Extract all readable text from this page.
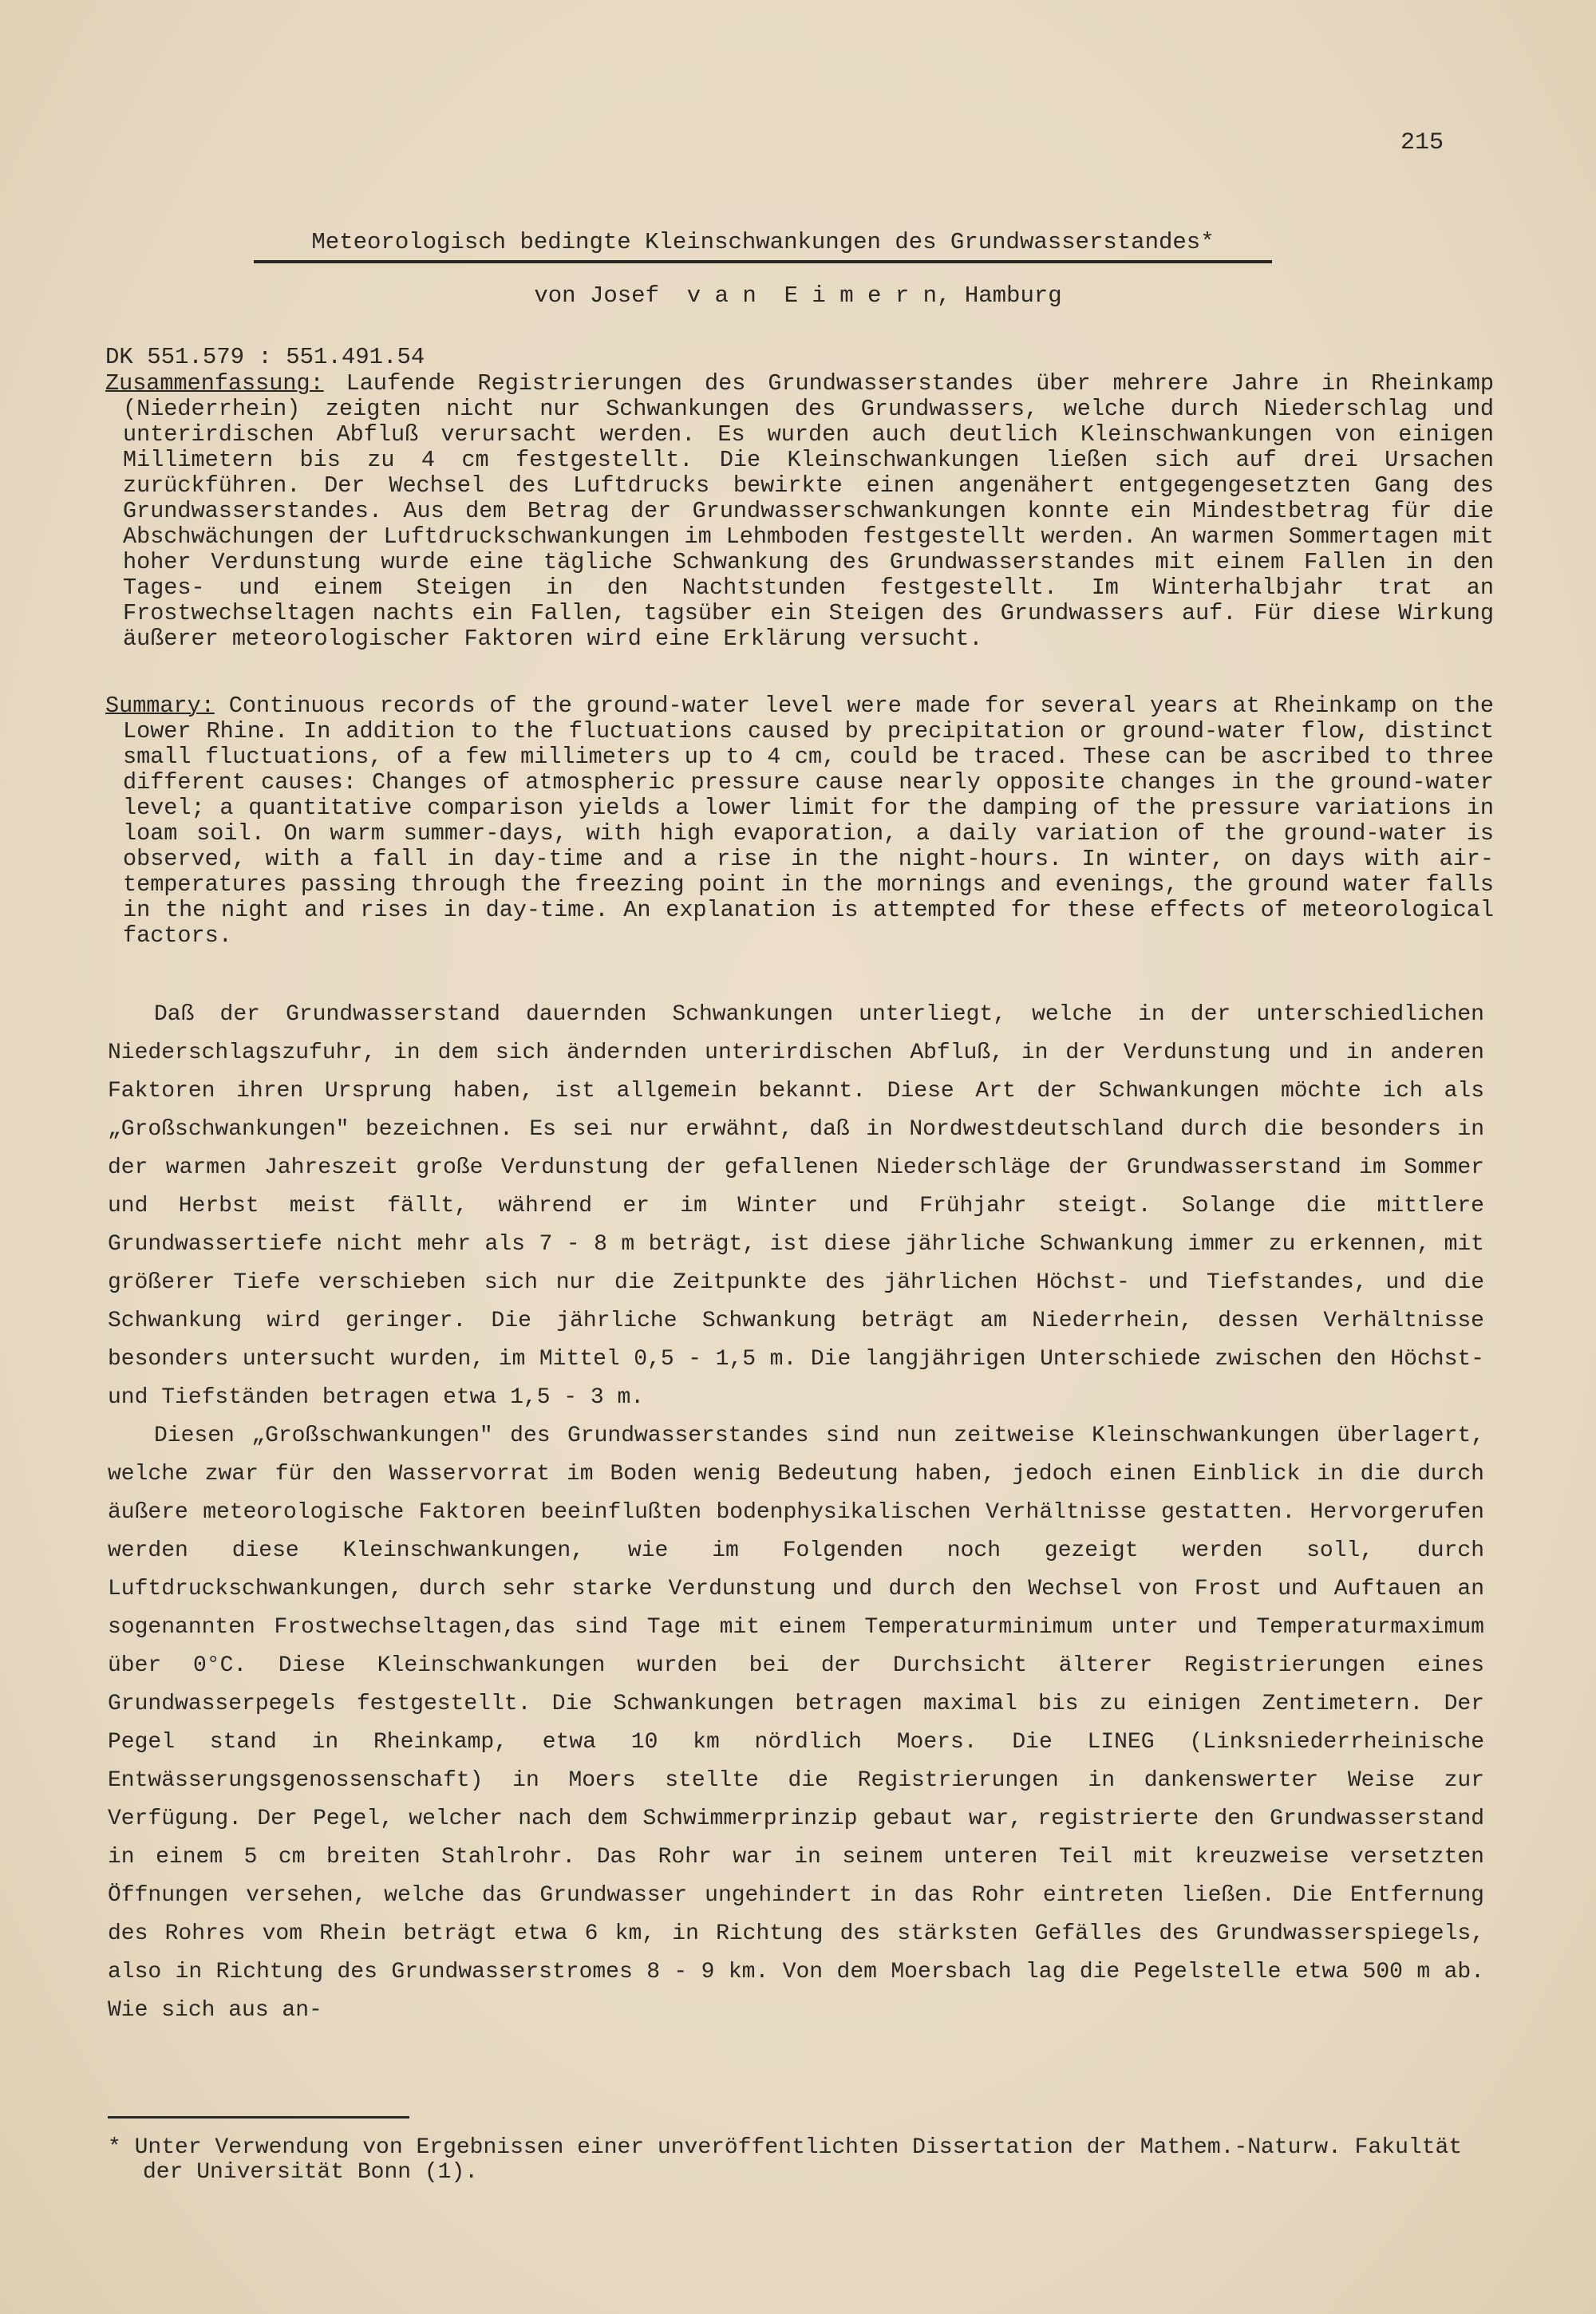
215
Meteorologisch bedingte Kleinschwankungen des Grundwasserstandes*
von Josef  v a n  E i m e r n, Hamburg
DK 551.579 : 551.491.54

Zusammenfassung: Laufende Registrierungen des Grundwasserstandes über mehrere Jahre in Rheinkamp (Niederrhein) zeigten nicht nur Schwankungen des Grundwassers, welche durch Niederschlag und unterirdischen Abfluß verursacht werden. Es wurden auch deutlich Kleinschwankungen von einigen Millimetern bis zu 4 cm festgestellt. Die Kleinschwankungen ließen sich auf drei Ursachen zurückführen. Der Wechsel des Luftdrucks bewirkte einen angenähert entgegengesetzten Gang des Grundwasserstandes. Aus dem Betrag der Grundwasserschwankungen konnte ein Mindestbetrag für die Abschwächungen der Luftdruckschwankungen im Lehmboden festgestellt werden. An warmen Sommertagen mit hoher Verdunstung wurde eine tägliche Schwankung des Grundwasserstandes mit einem Fallen in den Tages- und einem Steigen in den Nachtstunden festgestellt. Im Winterhalbjahr trat an Frostwechseltagen nachts ein Fallen, tagsüber ein Steigen des Grundwassers auf. Für diese Wirkung äußerer meteorologischer Faktoren wird eine Erklärung versucht.

Summary: Continuous records of the ground-water level were made for several years at Rheinkamp on the Lower Rhine. In addition to the fluctuations caused by precipitation or ground-water flow, distinct small fluctuations, of a few millimeters up to 4 cm, could be traced. These can be ascribed to three different causes: Changes of atmospheric pressure cause nearly opposite changes in the ground-water level; a quantitative comparison yields a lower limit for the damping of the pressure variations in loam soil. On warm summer-days, with high evaporation, a daily variation of the ground-water is observed, with a fall in day-time and a rise in the night-hours. In winter, on days with air-temperatures passing through the freezing point in the mornings and evenings, the ground water falls in the night and rises in day-time. An explanation is attempted for these effects of meteorological factors.

Daß der Grundwasserstand dauernden Schwankungen unterliegt, welche in der unterschiedlichen Niederschlagszufuhr, in dem sich ändernden unterirdischen Abfluß, in der Verdunstung und in anderen Faktoren ihren Ursprung haben, ist allgemein bekannt. Diese Art der Schwankungen möchte ich als „Großschwankungen" bezeichnen. Es sei nur erwähnt, daß in Nordwestdeutschland durch die besonders in der warmen Jahreszeit große Verdunstung der gefallenen Niederschläge der Grundwasserstand im Sommer und Herbst meist fällt, während er im Winter und Frühjahr steigt. Solange die mittlere Grundwassertiefe nicht mehr als 7 - 8 m beträgt, ist diese jährliche Schwankung immer zu erkennen, mit größerer Tiefe verschieben sich nur die Zeitpunkte des jährlichen Höchst- und Tiefstandes, und die Schwankung wird geringer. Die jährliche Schwankung beträgt am Niederrhein, dessen Verhältnisse besonders untersucht wurden, im Mittel 0,5 - 1,5 m. Die langjährigen Unterschiede zwischen den Höchst- und Tiefständen betragen etwa 1,5 - 3 m.

Diesen „Großschwankungen" des Grundwasserstandes sind nun zeitweise Kleinschwankungen überlagert, welche zwar für den Wasservorrat im Boden wenig Bedeutung haben, jedoch einen Einblick in die durch äußere meteorologische Faktoren beeinflußten bodenphysikalischen Verhältnisse gestatten. Hervorgerufen werden diese Kleinschwankungen, wie im Folgenden noch gezeigt werden soll, durch Luftdruckschwankungen, durch sehr starke Verdunstung und durch den Wechsel von Frost und Auftauen an sogenannten Frostwechseltagen,das sind Tage mit einem Temperaturminimum unter und Temperaturmaximum über 0°C. Diese Kleinschwankungen wurden bei der Durchsicht älterer Registrierungen eines Grundwasserpegels festgestellt. Die Schwankungen betragen maximal bis zu einigen Zentimetern. Der Pegel stand in Rheinkamp, etwa 10 km nördlich Moers. Die LINEG (Linksniederrheinische Entwässerungsgenossenschaft) in Moers stellte die Registrierungen in dankenswerter Weise zur Verfügung. Der Pegel, welcher nach dem Schwimmerprinzip gebaut war, registrierte den Grundwasserstand in einem 5 cm breiten Stahlrohr. Das Rohr war in seinem unteren Teil mit kreuzweise versetzten Öffnungen versehen, welche das Grundwasser ungehindert in das Rohr eintreten ließen. Die Entfernung des Rohres vom Rhein beträgt etwa 6 km, in Richtung des stärksten Gefälles des Grundwasserspiegels, also in Richtung des Grundwasserstromes 8 - 9 km. Von dem Moersbach lag die Pegelstelle etwa 500 m ab. Wie sich aus an-

* Unter Verwendung von Ergebnissen einer unveröffentlichten Dissertation der Mathem.-Naturw. Fakultät der Universität Bonn (1).
